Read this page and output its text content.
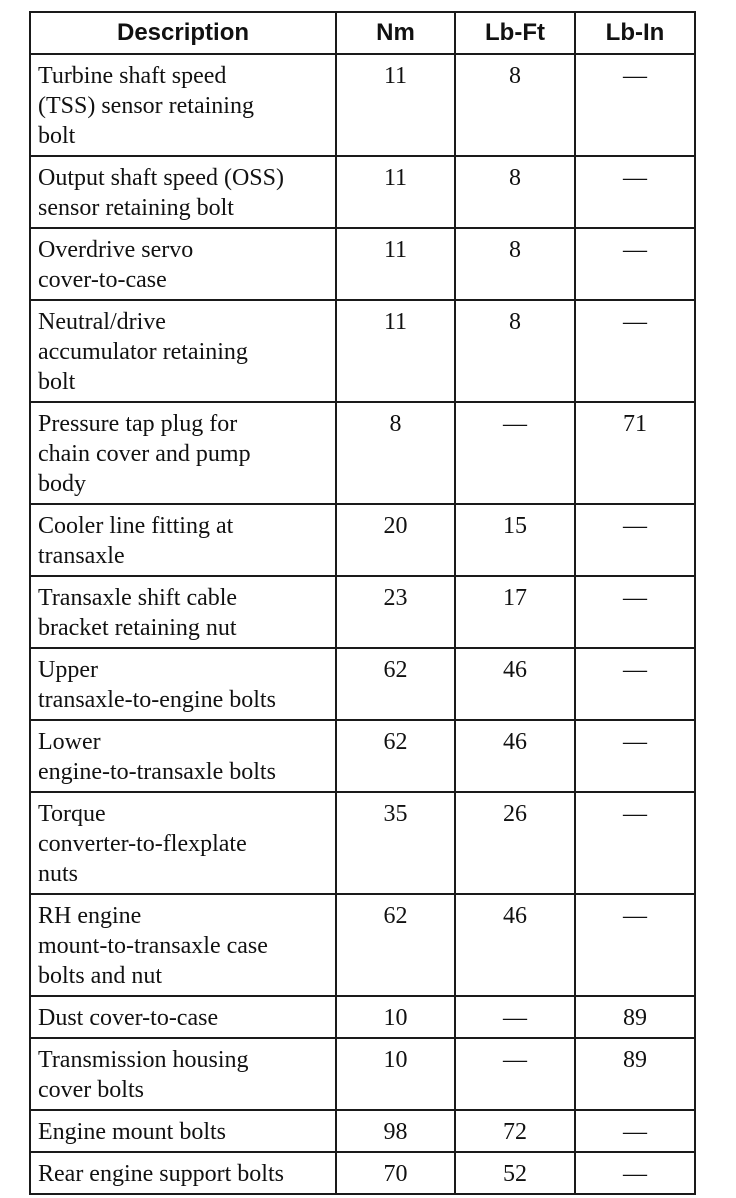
Description	Nm	Lb-Ft	Lb-In

Turbine shaft speed
(TSS) sensor retaining
bolt	11	8	—

Output shaft speed (OSS)
sensor retaining bolt	11	8	—

Overdrive servo
cover-to-case	11	8	—

Neutral/drive
accumulator retaining
bolt	11	8	—

Pressure tap plug for
chain cover and pump
body	8	—	71

Cooler line fitting at
transaxle	20	15	—

Transaxle shift cable
bracket retaining nut	23	17	—

Upper
transaxle-to-engine bolts	62	46	—

Lower
engine-to-transaxle bolts	62	46	—

Torque
converter-to-flexplate
nuts	35	26	—

RH engine
mount-to-transaxle case
bolts and nut	62	46	—

Dust cover-to-case	10	—	89

Transmission housing
cover bolts	10	—	89

Engine mount bolts	98	72	—

Rear engine support bolts	70	52	—
